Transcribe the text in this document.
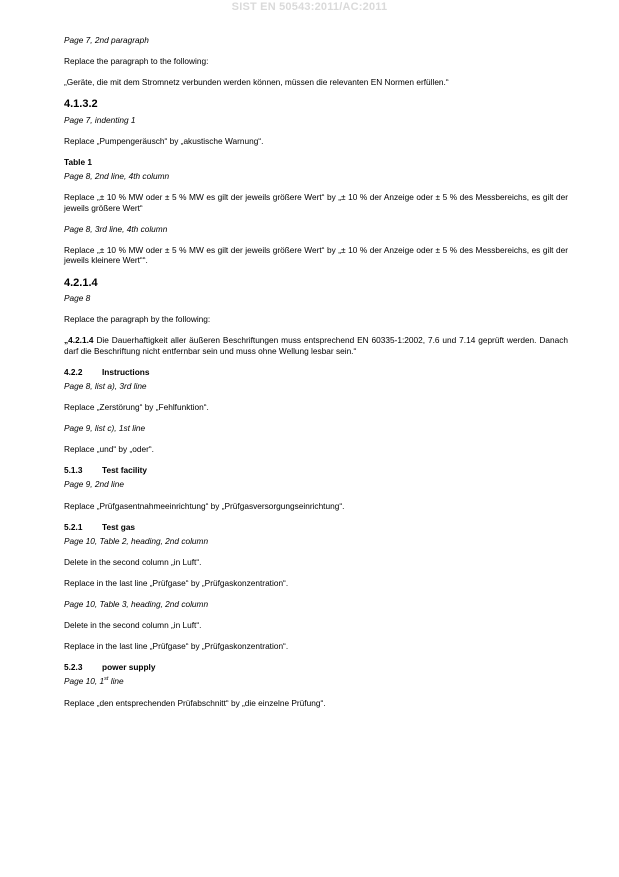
SIST EN 50543:2011/AC:2011

Page 7, 2nd paragraph

Replace the paragraph to the following:

„Geräte, die mit dem Stromnetz verbunden werden können, müssen die relevanten EN Normen erfüllen.“

4.1.3.2

Page 7, indenting 1

Replace „Pumpengeräusch“ by „akustische Warnung“.

Table 1

Page 8, 2nd line, 4th column

Replace „± 10 % MW oder ± 5 % MW es gilt der jeweils größere Wert“ by „± 10 % der Anzeige oder ± 5 % des Messbereichs, es gilt der jeweils größere Wert“

Page 8, 3rd line, 4th column

Replace „± 10 % MW oder ± 5 % MW es gilt der jeweils größere Wert“ by „± 10 % der Anzeige oder ± 5 % des Messbereichs, es gilt der jeweils kleinere Wert““.

4.2.1.4

Page 8

Replace the paragraph by the following:

„4.2.1.4 Die Dauerhaftigkeit aller äußeren Beschriftungen muss entsprechend EN 60335-1:2002, 7.6 und 7.14 geprüft werden. Danach darf die Beschriftung nicht entfernbar sein und muss ohne Wellung lesbar sein.“

4.2.2 Instructions

Page 8, list a), 3rd line

Replace „Zerstörung“ by „Fehlfunktion“.

Page 9, list c), 1st line

Replace „und“ by „oder“.

5.1.3 Test facility

Page 9, 2nd line

Replace „Prüfgasentnahmeeinrichtung“ by „Prüfgasversorgungseinrichtung“.

5.2.1 Test gas

Page 10, Table 2, heading, 2nd column

Delete in the second column „in Luft“.

Replace in the last line „Prüfgase“ by „Prüfgaskonzentration“.

Page 10, Table 3, heading, 2nd column

Delete in the second column „in Luft“.

Replace in the last line „Prüfgase“ by „Prüfgaskonzentration“.

5.2.3 power supply

Page 10, 1st line

Replace „den entsprechenden Prüfabschnitt“ by „die einzelne Prüfung“.
